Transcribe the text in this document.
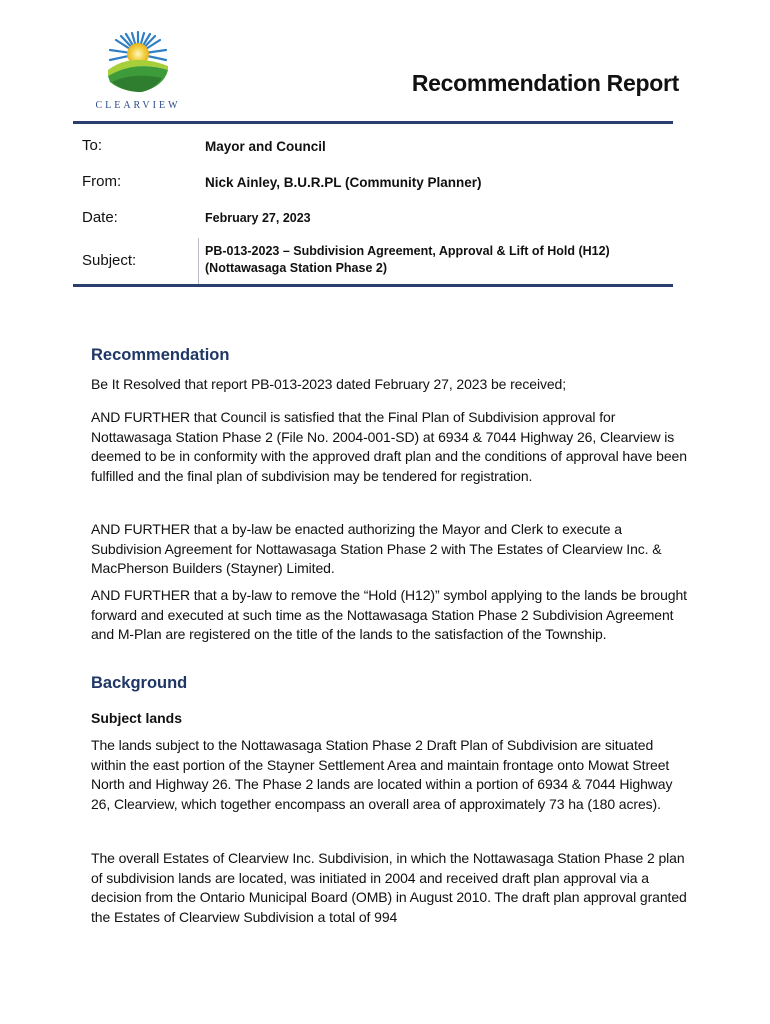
CLEARVIEW
Recommendation Report
To:	Mayor and Council
From:	Nick Ainley, B.U.R.PL (Community Planner)
Date:	February 27, 2023
Subject:
PB-013-2023 – Subdivision Agreement, Approval & Lift of Hold (H12)
(Nottawasaga Station Phase 2)
Recommendation

Be It Resolved that report PB-013-2023 dated February 27, 2023 be received;

AND FURTHER that Council is satisfied that the Final Plan of Subdivision approval for Nottawasaga Station Phase 2 (File No. 2004-001-SD) at 6934 & 7044 Highway 26, Clearview is deemed to be in conformity with the approved draft plan and the conditions of approval have been fulfilled and the final plan of subdivision may be tendered for registration.

AND FURTHER that a by-law be enacted authorizing the Mayor and Clerk to execute a Subdivision Agreement for Nottawasaga Station Phase 2 with The Estates of Clearview Inc. & MacPherson Builders (Stayner) Limited.

AND FURTHER that a by-law to remove the “Hold (H12)” symbol applying to the lands be brought forward and executed at such time as the Nottawasaga Station Phase 2 Subdivision Agreement and M-Plan are registered on the title of the lands to the satisfaction of the Township.

Background
Subject lands

The lands subject to the Nottawasaga Station Phase 2 Draft Plan of Subdivision are situated within the east portion of the Stayner Settlement Area and maintain frontage onto Mowat Street North and Highway 26. The Phase 2 lands are located within a portion of 6934 & 7044 Highway 26, Clearview, which together encompass an overall area of approximately 73 ha (180 acres).

The overall Estates of Clearview Inc. Subdivision, in which the Nottawasaga Station Phase 2 plan of subdivision lands are located, was initiated in 2004 and received draft plan approval via a decision from the Ontario Municipal Board (OMB) in August 2010. The draft plan approval granted the Estates of Clearview Subdivision a total of 994
